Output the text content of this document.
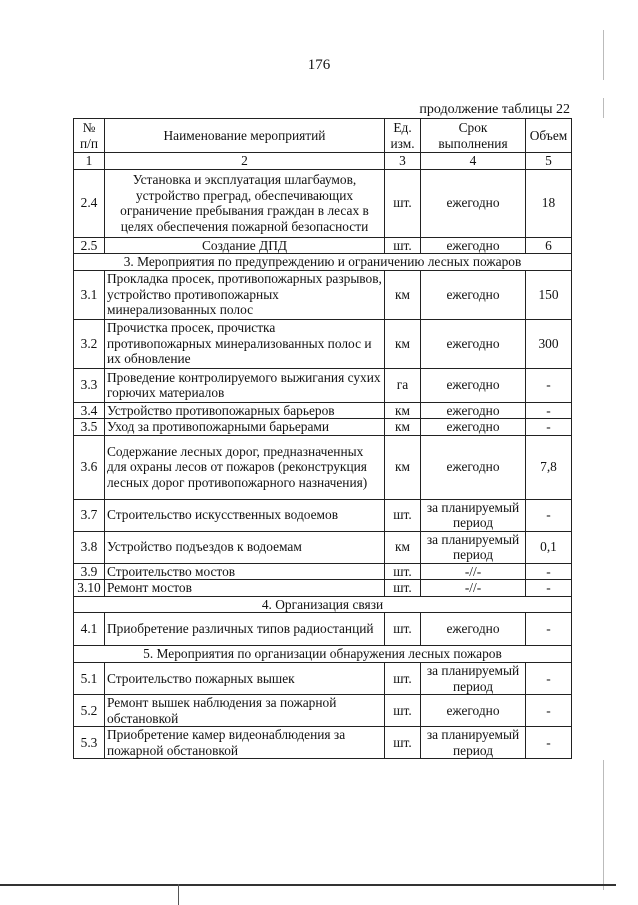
176
продолжение таблицы 22
№ п/п	Наименование мероприятий	Ед. изм.	Срок выполнения	Объем
1	2	3	4	5
2.4	Установка и эксплуатация шлагбаумов, устройство преград, обеспечивающих ограничение пребывания граждан в лесах в целях обеспечения пожарной безопасности	шт.	ежегодно	18
2.5	Создание ДПД	шт.	ежегодно	6
3. Мероприятия по предупреждению и ограничению лесных пожаров				
3.1	Прокладка просек, противопожарных разрывов, устройство противопожарных минерализованных полос	км	ежегодно	150
3.2	Прочистка просек, прочистка противопожарных минерализованных полос и их обновление	км	ежегодно	300
3.3	Проведение контролируемого выжигания сухих горючих материалов	га	ежегодно	-
3.4	Устройство противопожарных барьеров	км	ежегодно	-
3.5	Уход за противопожарными барьерами	км	ежегодно	-
3.6	Содержание лесных дорог, предназначенных для охраны лесов от пожаров (реконструкция лесных дорог противопожарного назначения)	км	ежегодно	7,8
3.7	Строительство искусственных водоемов	шт.	за планируемый период	-
3.8	Устройство подъездов к водоемам	км	за планируемый период	0,1
3.9	Строительство мостов	шт.	-//-	-
3.10	Ремонт мостов	шт.	-//-	-
4. Организация связи				
4.1	Приобретение различных типов радиостанций	шт.	ежегодно	-
5. Мероприятия по организации обнаружения лесных пожаров				
5.1	Строительство пожарных вышек	шт.	за планируемый период	-
5.2	Ремонт вышек наблюдения за пожарной обстановкой	шт.	ежегодно	-
5.3	Приобретение камер видеонаблюдения за пожарной обстановкой	шт.	за планируемый период	-
